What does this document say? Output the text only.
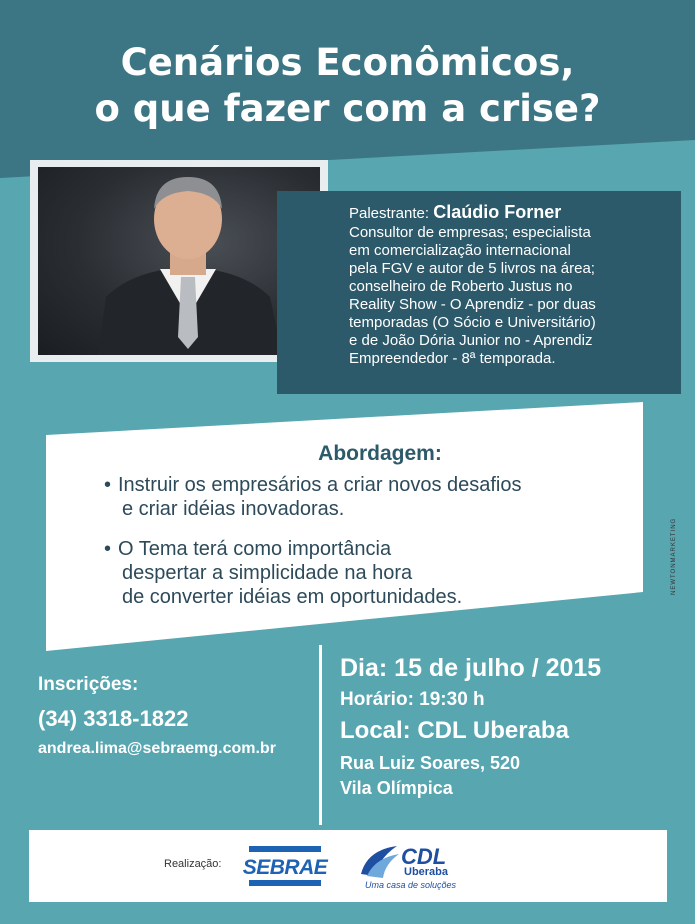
Cenários Econômicos,
o que fazer com a crise?

Palestrante: Claúdio Forner

Consultor de empresas; especialista
em comercialização internacional
pela FGV e autor de 5 livros na área;
conselheiro de Roberto Justus no
Reality Show - O Aprendiz - por duas
temporadas (O Sócio e Universitário)
e de João Dória Junior no - Aprendiz
Empreendedor - 8ª temporada.

Abordagem:

• Instruir os empresários a criar novos desafios
e criar idéias inovadoras.

• O Tema terá como importância
despertar a simplicidade na hora
de converter idéias em oportunidades.

Inscrições:

(34) 3318-1822

andrea.lima@sebraemg.com.br

Dia: 15 de julho / 2015

Horário: 19:30 h

Local: CDL Uberaba

Rua Luiz Soares, 520

Vila Olímpica

Realização: SEBRAE	CDL

Uberaba

Uma casa de soluções

NEWTONMARKETING
